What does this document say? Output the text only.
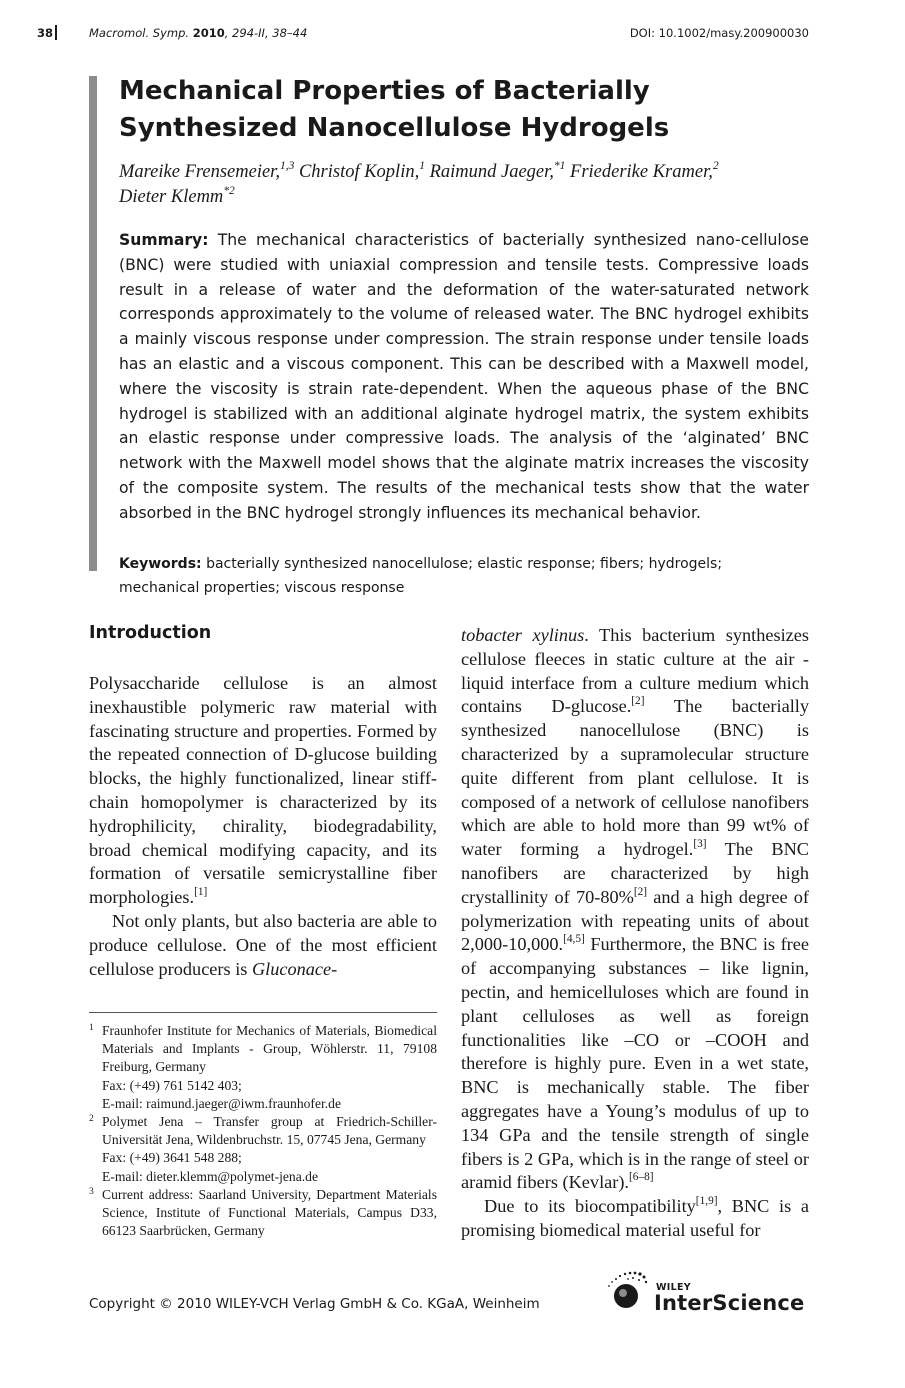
38	Macromol. Symp. 2010, 294-II, 38–44	DOI: 10.1002/masy.200900030
Mechanical Properties of Bacterially Synthesized Nanocellulose Hydrogels
Mareike Frensemeier,$^{1,3}$ Christof Koplin,$^1$ Raimund Jaeger,$^{*1}$ Friederike Kramer,$^2$
Dieter Klemm$^{*2}$

Summary: The mechanical characteristics of bacterially synthesized nano-cellulose (BNC) were studied with uniaxial compression and tensile tests. Compressive loads result in a release of water and the deformation of the water-saturated network corresponds approximately to the volume of released water. The BNC hydrogel exhibits a mainly viscous response under compression. The strain response under tensile loads has an elastic and a viscous component. This can be described with a Maxwell model, where the viscosity is strain rate-dependent. When the aqueous phase of the BNC hydrogel is stabilized with an additional alginate hydrogel matrix, the system exhibits an elastic response under compressive loads. The analysis of the ‘alginated’ BNC network with the Maxwell model shows that the alginate matrix increases the viscosity of the composite system. The results of the mechanical tests show that the water absorbed in the BNC hydrogel strongly influences its mechanical behavior.

Keywords: bacterially synthesized nanocellulose; elastic response; fibers; hydrogels; mechanical properties; viscous response

Introduction

Polysaccharide cellulose is an almost inexhaustible polymeric raw material with fascinating structure and properties. Formed by the repeated connection of D-glucose building blocks, the highly functionalized, linear stiff-chain homopolymer is characterized by its hydrophilicity, chirality, biodegradability, broad chemical modifying capacity, and its formation of versatile semicrystalline fiber morphologies.[1]

Not only plants, but also bacteria are able to produce cellulose. One of the most efficient cellulose producers is Gluconace-

tobacter xylinus. This bacterium synthesizes cellulose fleeces in static culture at the air - liquid interface from a culture medium which contains D-glucose.[2] The bacterially synthesized nanocellulose (BNC) is characterized by a supramolecular structure quite different from plant cellulose. It is composed of a network of cellulose nanofibers which are able to hold more than 99 wt% of water forming a hydrogel.[3] The BNC nanofibers are characterized by high crystallinity of 70-80%[2] and a high degree of polymerization with repeating units of about 2,000-10,000.[4,5] Furthermore, the BNC is free of accompanying substances – like lignin, pectin, and hemicelluloses which are found in plant celluloses as well as foreign functionalities like –CO or –COOH and therefore is highly pure. Even in a wet state, BNC is mechanically stable. The fiber aggregates have a Young’s modulus of up to 134 GPa and the tensile strength of single fibers is 2 GPa, which is in the range of steel or aramid fibers (Kevlar).[6–8]

Due to its biocompatibility[1,9], BNC is a promising biomedical material useful for

1 Fraunhofer Institute for Mechanics of Materials, Biomedical Materials and Implants - Group, Wöhlerstr. 11, 79108 Freiburg, Germany
Fax: (+49) 761 5142 403;
E-mail: raimund.jaeger@iwm.fraunhofer.de
2 Polymet Jena – Transfer group at Friedrich-Schiller-Universität Jena, Wildenbruchstr. 15, 07745 Jena, Germany
Fax: (+49) 3641 548 288;
E-mail: dieter.klemm@polymet-jena.de
3 Current address: Saarland University, Department Materials Science, Institute of Functional Materials, Campus D33, 66123 Saarbrücken, Germany
Copyright © 2010 WILEY-VCH Verlag GmbH & Co. KGaA, Weinheim
WILEY
InterScience
